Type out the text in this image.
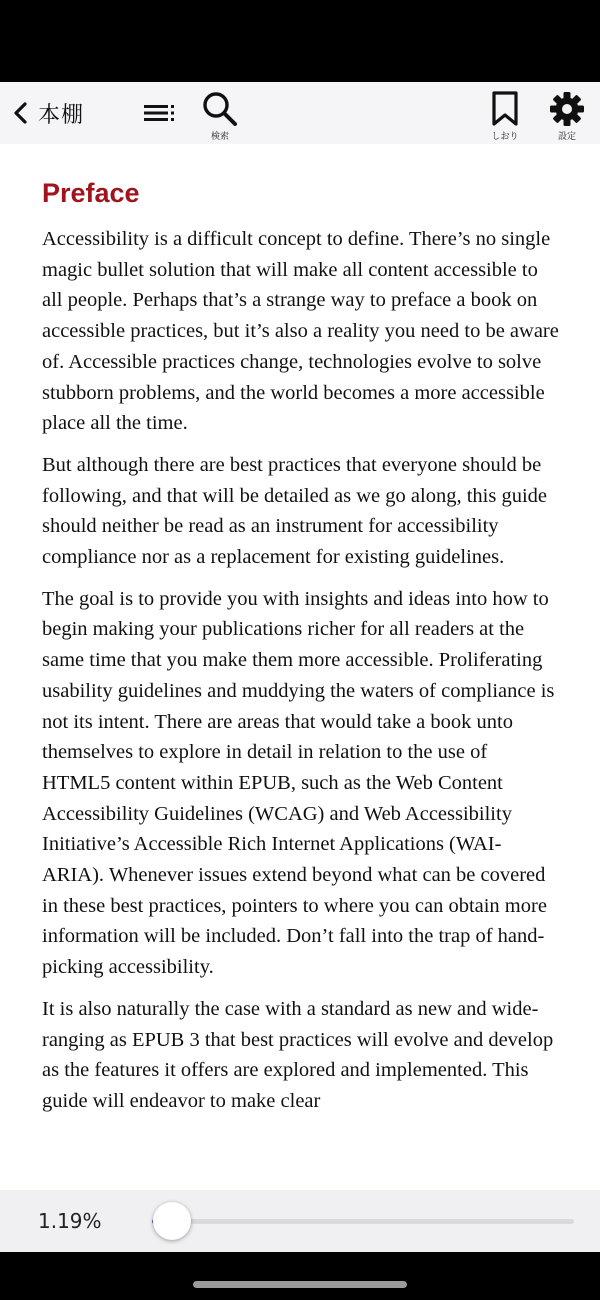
本棚
検索	しおり	設定
Preface

Accessibility is a difficult concept to define. There’s no single magic bullet solution that will make all content accessible to all people. Perhaps that’s a strange way to preface a book on accessible practices, but it’s also a reality you need to be aware of. Accessible practices change, technologies evolve to solve stubborn problems, and the world becomes a more accessible place all the time.

But although there are best practices that everyone should be following, and that will be detailed as we go along, this guide should neither be read as an instrument for accessibility compliance nor as a replacement for existing guidelines.

The goal is to provide you with insights and ideas into how to begin making your publications richer for all readers at the same time that you make them more accessible. Proliferating usability guidelines and muddying the waters of compliance is not its intent. There are areas that would take a book unto themselves to explore in detail in relation to the use of HTML5 content within EPUB, such as the Web Content Accessibility Guidelines (WCAG) and Web Accessibility Initiative’s Accessible Rich Internet Applications (WAI-ARIA). Whenever issues extend beyond what can be covered in these best practices, pointers to where you can obtain more information will be included. Don’t fall into the trap of hand-picking accessibility.

It is also naturally the case with a standard as new and wide-ranging as EPUB 3 that best practices will evolve and develop as the features it offers are explored and implemented. This guide will endeavor to make clear

1.19%
